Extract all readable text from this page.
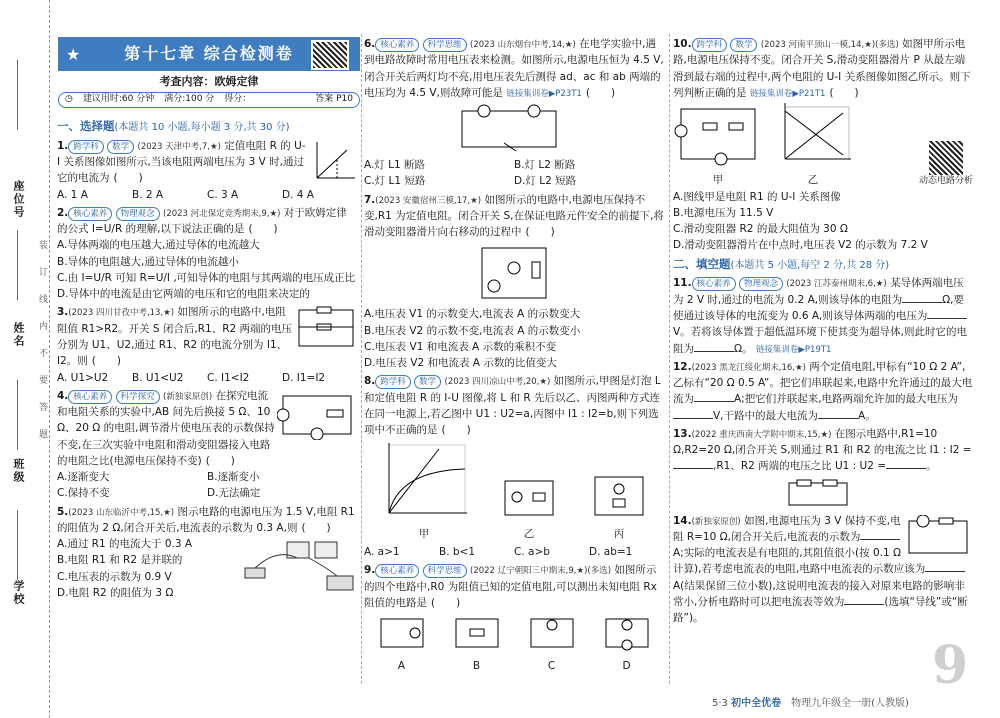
座位号
姓名
班级
学校
装订线内不要答题
★	第十七章 综合检测卷
考查内容：欧姆定律
◷ 建议用时:60 分钟 满分:100 分 得分：	答案 P10
一、选择题(本题共 10 小题,每小题 3 分,共 30 分)
1. 跨学科 数学 (2023 天津中考,7,★) 定值电阻 R 的 U-I 关系图像如图所示,当该电阻两端电压为 3 V 时,通过它的电流为 (　　)
A. 1 A	B. 2 A	C. 3 A	D. 4 A
2. 核心素养 物理观念 (2023 河北保定竞秀期末,9,★) 对于欧姆定律的公式 I=U/R 的理解,以下说法正确的是 (　　)
A.导体两端的电压越大,通过导体的电流越大
B.导体的电阻越大,通过导体的电流越小
C.由 I=U/R 可知 R=U/I ,可知导体的电阻与其两端的电压成正比
D.导体中的电流是由它两端的电压和它的电阻来决定的
3.(2023 四川甘孜中考,13,★) 如图所示的电路中,电阻阻值 R1>R2。开关 S 闭合后,R1、R2 两端的电压分别为 U1、U2,通过 R1、R2 的电流分别为 I1、I2。则 (　　)
A. U1>U2	B. U1<U2	C. I1<I2	D. I1=I2
4. 核心素养 科学探究 (新独家原创) 在探究电流和电阻关系的实验中,AB 间先后换接 5 Ω、10 Ω、20 Ω 的电阻,调节滑片使电压表的示数保持不变,在三次实验中电阻和滑动变阻器接入电路的电阻之比(电源电压保持不变) (　　)
A.逐渐变大	B.逐渐变小
C.保持不变	D.无法确定
5.(2023 山东临沂中考,15,★) 图示电路的电源电压为 1.5 V,电阻 R1 的阻值为 2 Ω,闭合开关后,电流表的示数为 0.3 A,则 (　　)
A.通过 R1 的电流大于 0.3 A
B.电阻 R1 和 R2 是并联的
C.电压表的示数为 0.9 V
D.电阻 R2 的阻值为 3 Ω
6. 核心素养 科学思维 (2023 山东烟台中考,14,★) 在电学实验中,遇到电路故障时常用电压表来检测。如图所示,电源电压恒为 4.5 V,闭合开关后两灯均不亮,用电压表先后测得 ad、ac 和 ab 两端的电压均为 4.5 V,则故障可能是 链接集训卷▶P23T1 (　　)
A.灯 L1 断路	B.灯 L2 断路
C.灯 L1 短路	D.灯 L2 短路
7.(2023 安徽宿州三模,17,★) 如图所示的电路中,电源电压保持不变,R1 为定值电阻。闭合开关 S,在保证电路元件安全的前提下,将滑动变阻器滑片向右移动的过程中 (　　)
A.电压表 V1 的示数变大,电流表 A 的示数变大
B.电压表 V2 的示数不变,电流表 A 的示数变小
C.电压表 V1 和电流表 A 示数的乘积不变
D.电压表 V2 和电流表 A 示数的比值变大
8. 跨学科 数学 (2023 四川凉山中考,20,★) 如图所示,甲图是灯泡 L 和定值电阻 R 的 I-U 图像,将 L 和 R 先后以乙、丙图两种方式连在同一电源上,若乙图中 U1 : U2=a,丙图中 I1 : I2=b,则下列选项中不正确的是 (　　)
甲	乙	丙
A. a>1	B. b<1	C. a>b	D. ab=1
9. 核心素养 科学思维 (2022 辽宁朝阳三中期末,9,★)(多选) 如图所示的四个电路中,R0 为阻值已知的定值电阻,可以测出未知电阻 Rx 阻值的电路是 (　　)
A	B	C	D
10. 跨学科 数学 (2023 河南平顶山一模,14,★)(多选) 如图甲所示电路,电源电压保持不变。闭合开关 S,滑动变阻器滑片 P 从最左端滑到最右端的过程中,两个电阻的 U-I 关系图像如图乙所示。则下列判断正确的是 链接集训卷▶P21T1 (　　)
甲	乙	动态电路分析
A.图线甲是电阻 R1 的 U-I 关系图像
B.电源电压为 11.5 V
C.滑动变阻器 R2 的最大阻值为 30 Ω
D.滑动变阻器滑片在中点时,电压表 V2 的示数为 7.2 V
二、填空题(本题共 5 小题,每空 2 分,共 28 分)
11. 核心素养 物理观念 (2023 江苏泰州期末,6,★) 某导体两端电压为 2 V 时,通过的电流为 0.2 A,则该导体的电阻为	Ω,要使通过该导体的电流变为 0.6 A,则该导体两端的电压为V。若将该导体置于超低温环境下使其变为超导体,则此时它的电阻为	Ω。 链接集训卷▶P19T1
12.(2023 黑龙江绥化期末,16,★) 两个定值电阻,甲标有“10 Ω 2 A”,乙标有“20 Ω 0.5 A”。把它们串联起来,电路中允许通过的最大电流为	A;把它们并联起来,电路两端允许加的最大电压为V,干路中的最大电流为	A。
13.(2022 重庆西南大学附中期末,15,★) 在图示电路中,R1=10 Ω,R2=20 Ω,闭合开关 S,则通过 R1 和 R2 的电流之比 I1 : I2 =,R1、R2 两端的电压之比 U1 : U2 =	。
14.(新独家原创) 如图,电源电压为 3 V 保持不变,电阻 R=10 Ω,闭合开关后,电流表的示数为A;实际的电流表是有电阻的,其阻值很小(按 0.1 Ω 计算),若考虑电流表的电阻,电路中电流表的示数应该为A(结果保留三位小数),这说明电流表的接入对原来电路的影响非常小,分析电路时可以把电流表等效为	(选填“导线”或“断路”)。
9
5·3 初中全优卷　 物理九年级全一册(人教版)
